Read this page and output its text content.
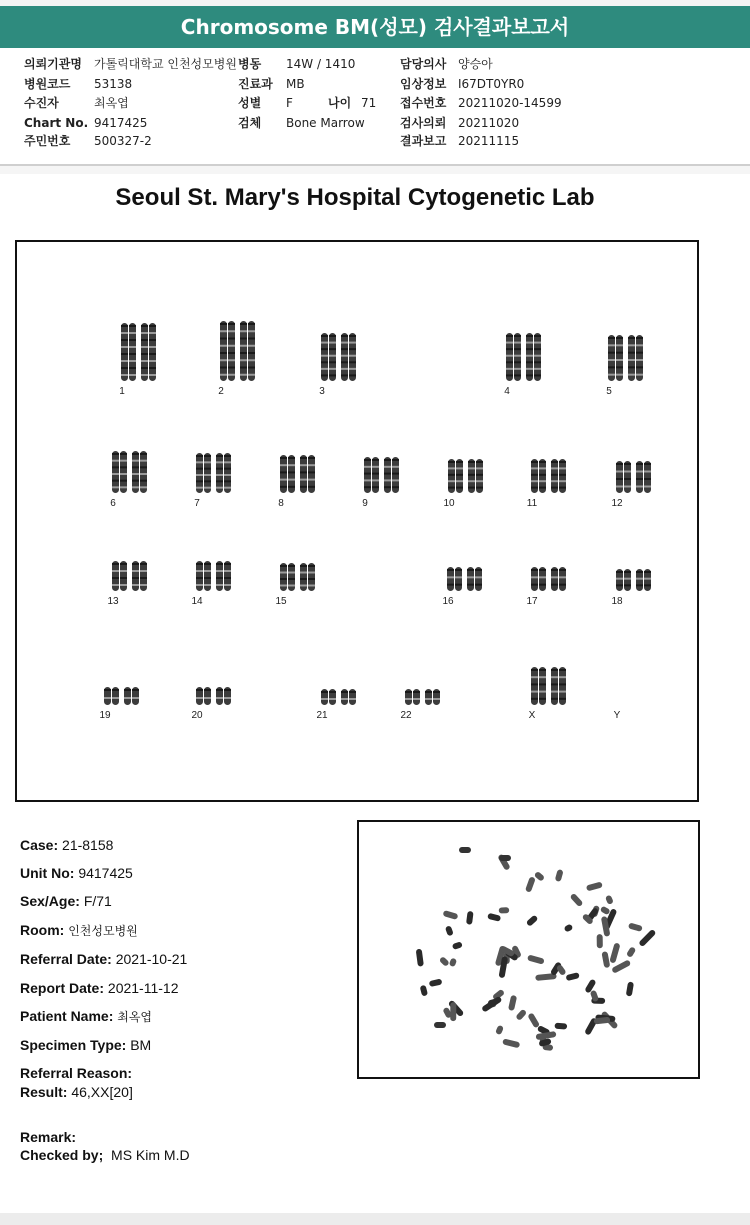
Chromosome BM(성모) 검사결과보고서
의뢰기관명 가톨릭대학교 인천성모병원
병원코드 53138
수진자	최옥엽
Chart No. 9417425
주민번호 500327-2
병동 14W / 1410
진료과 MB
성별 F	나이 71
검체 Bone Marrow
담당의사 양승아
임상정보 I67DT0YR0
접수번호 20211020-14599
검사의뢰 20211020
결과보고 20211115
Seoul St. Mary's Hospital Cytogenetic Lab
1	2	3	4	5
6	7	8	9	10	11	12
13	14	15	16	17	18
19	20	21	22	X	Y
Case: 21-8158
Unit No: 9417425
Sex/Age: F/71
Room: 인천성모병원
Referral Date: 2021-10-21
Report Date: 2021-11-12
Patient Name: 최옥엽
Specimen Type: BM
Referral Reason:
Result: 46,XX[20]
Remark:
Checked by; MS Kim M.D
